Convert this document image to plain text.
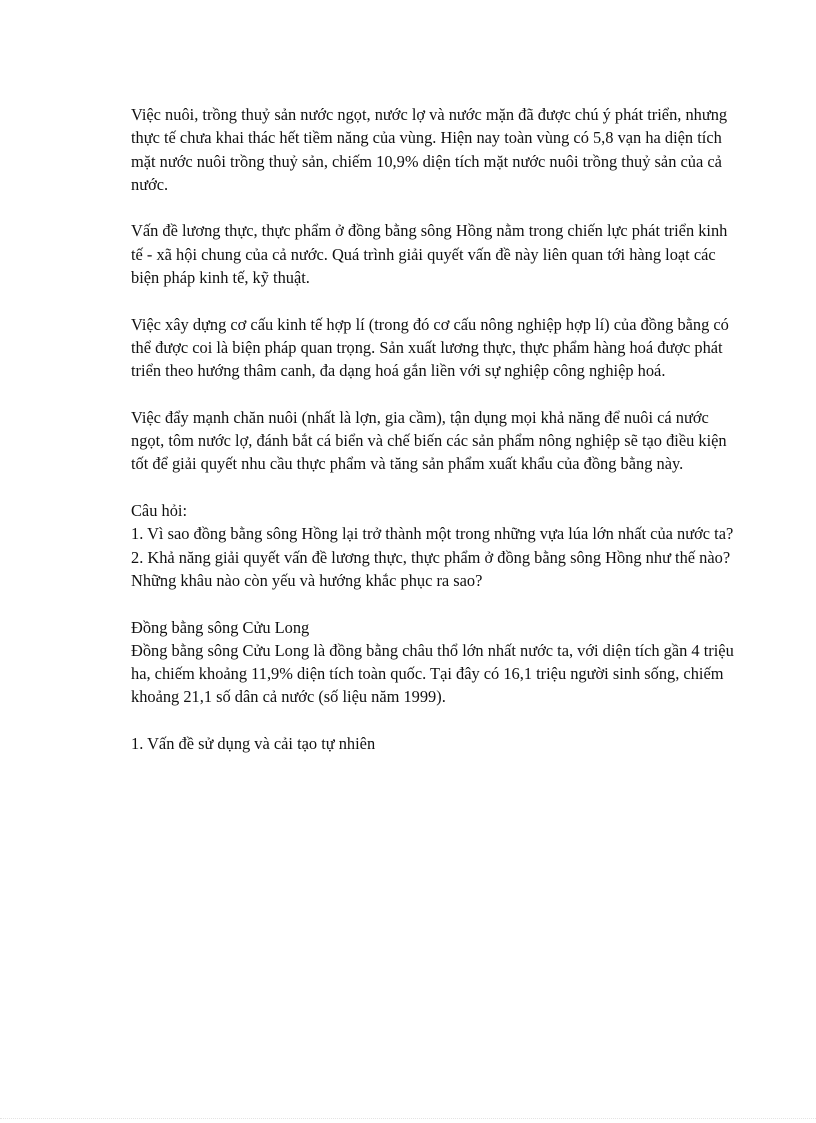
Việc nuôi, trồng thuỷ sản nước ngọt, nước lợ và nước mặn đã được chú ý phát triển, nhưng thực tế chưa khai thác hết tiềm năng của vùng. Hiện nay toàn vùng có 5,8 vạn ha diện tích mặt nước nuôi trồng thuỷ sản, chiếm 10,9% diện tích mặt nước nuôi trồng thuỷ sản của cả nước.

Vấn đề lương thực, thực phẩm ở đồng bằng sông Hồng nằm trong chiến lực phát triển kinh tế - xã hội chung của cả nước. Quá trình giải quyết vấn đề này liên quan tới hàng loạt các biện pháp kinh tế, kỹ thuật.

Việc xây dựng cơ cấu kinh tế hợp lí (trong đó cơ cấu nông nghiệp hợp lí) của đồng bằng có thể được coi là biện pháp quan trọng. Sản xuất lương thực, thực phẩm hàng hoá được phát triển theo hướng thâm canh, đa dạng hoá gắn liền với sự nghiệp công nghiệp hoá.

Việc đẩy mạnh chăn nuôi (nhất là lợn, gia cầm), tận dụng mọi khả năng để nuôi cá nước ngọt, tôm nước lợ, đánh bắt cá biển và chế biến các sản phẩm nông nghiệp sẽ tạo điều kiện tốt để giải quyết nhu cầu thực phẩm và tăng sản phẩm xuất khẩu của đồng bằng này.

Câu hỏi:

1. Vì sao đồng bằng sông Hồng lại trở thành một trong những vựa lúa lớn nhất của nước ta?

2. Khả năng giải quyết vấn đề lương thực, thực phẩm ở đồng bằng sông Hồng như thế nào? Những khâu nào còn yếu và hướng khắc phục ra sao?

Đồng bằng sông Cửu Long

Đồng bằng sông Cửu Long là đồng bằng châu thổ lớn nhất nước ta, với diện tích gần 4 triệu ha, chiếm khoảng 11,9% diện tích toàn quốc. Tại đây có 16,1 triệu người sinh sống, chiếm khoảng 21,1 số dân cả nước (số liệu năm 1999).

1. Vấn đề sử dụng và cải tạo tự nhiên
